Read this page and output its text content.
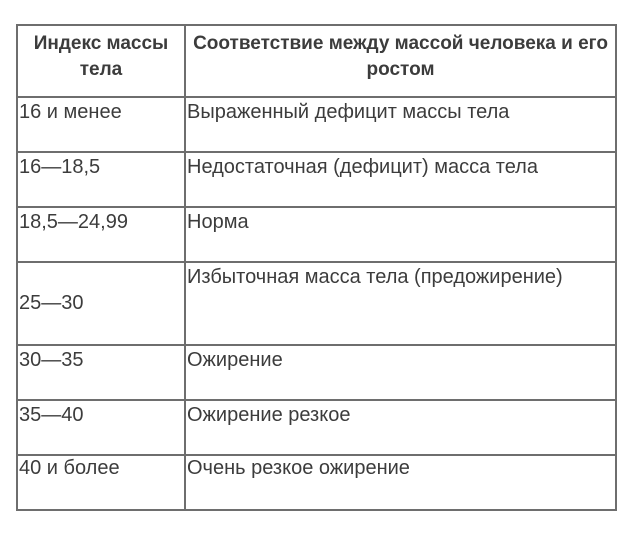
Индекс массы тела	Соответствие между массой человека и его ростом

16 и менее	Выраженный дефицит массы тела
16—18,5	Недостаточная (дефицит) масса тела
18,5—24,99	Норма
25—30	Избыточная масса тела (предожирение)
30—35	Ожирение
35—40	Ожирение резкое
40 и более	Очень резкое ожирение
